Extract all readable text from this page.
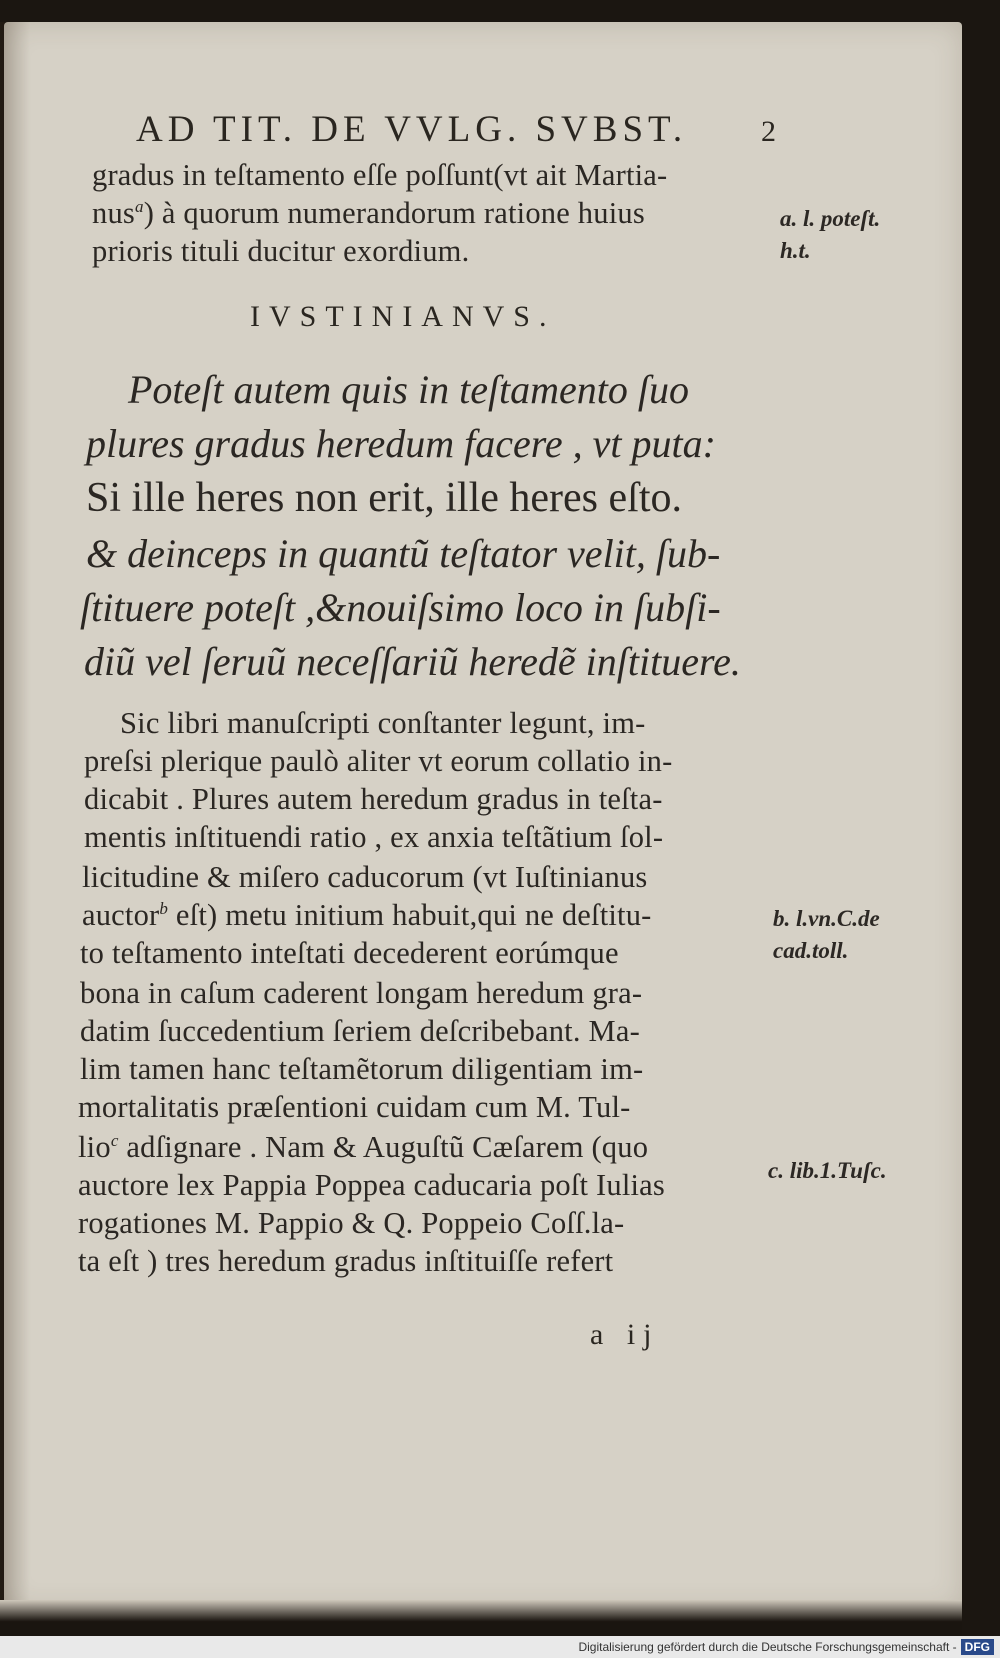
AD TIT. DE VVLG. SVBST. 2
gradus in teſtamento eſſe poſſunt(vt ait Martia-
nus$^a$) à quorum numerandorum ratione huius
prioris tituli ducitur exordium.
IVSTINIANVS.
Poteſt autem quis in teſtamento ſuo
plures gradus heredum facere , vt puta:
Si ille heres non erit, ille heres eſto.
& deinceps in quantũ teſtator velit, ſub-
ſtituere poteſt ,&nouiſsimo loco in ſubſi-
diũ vel ſeruũ neceſſariũ heredẽ inſtituere.
Sic libri manuſcripti conſtanter legunt, im-
preſsi plerique paulò aliter vt eorum collatio in-
dicabit . Plures autem heredum gradus in teſta-
mentis inſtituendi ratio , ex anxia teſtãtium ſol-
licitudine & miſero caducorum (vt Iuſtinianus
auctor$^b$ eſt) metu initium habuit,qui ne deſtitu-
to teſtamento inteſtati decederent eorúmque
bona in caſum caderent longam heredum gra-
datim ſuccedentium ſeriem deſcribebant. Ma-
lim tamen hanc teſtamẽtorum diligentiam im-
mortalitatis præſentioni cuidam cum M. Tul-
lio$^c$ adſignare . Nam & Auguſtũ Cæſarem (quo
auctore lex Pappia Poppea caducaria poſt Iulias
rogationes M. Pappio & Q. Poppeio Coſſ.la-
ta eſt ) tres heredum gradus inſtituiſſe refert
a. l. poteſt.
h.t.
b. l.vn.C.de
cad.toll.
c. lib.1.Tuſc.
a ij
Digitalisierung gefördert durch die Deutsche Forschungsgemeinschaft - DFG
